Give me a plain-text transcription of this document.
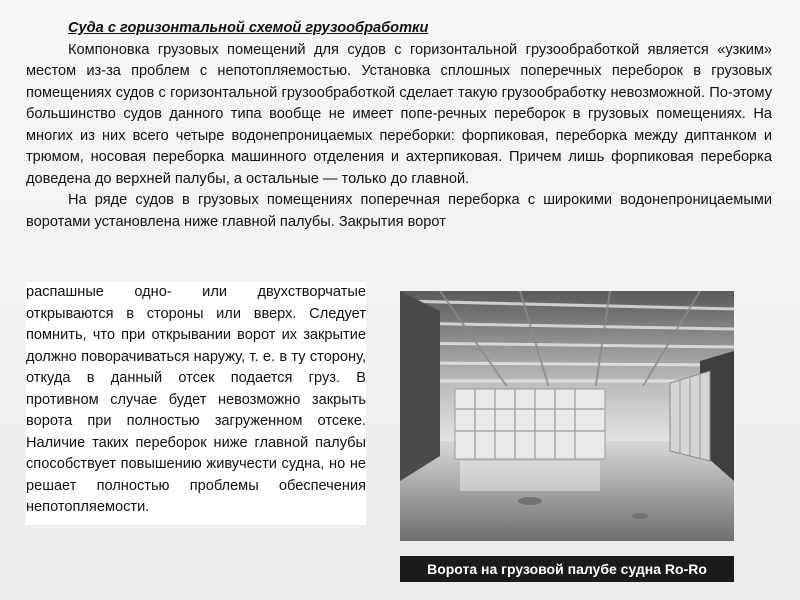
Суда с горизонтальной схемой грузообработки

Компоновка грузовых помещений для судов с горизонтальной грузообработкой является «узким» местом из-за проблем с непотопляемостью. Установка сплошных поперечных переборок в грузовых помещениях судов с горизонтальной грузообработкой сделает такую грузообработку невозможной. По-этому большинство судов данного типа вообще не имеет попе-речных переборок в грузовых помещениях. На многих из них всего четыре водонепроницаемых переборки: форпиковая, переборка между диптанком и трюмом, носовая переборка машинного отделения и ахтерпиковая. Причем лишь форпиковая переборка доведена до верхней палубы, а остальные — только до главной.

На ряде судов в грузовых помещениях поперечная переборка с широкими водонепроницаемыми воротами установлена ниже главной палубы. Закрытия ворот

распашные одно- или двухстворчатые открываются в стороны или вверх. Следует помнить, что при открывании ворот их закрытие должно поворачиваться наружу, т. е. в ту сторону, откуда в данный отсек подается груз. В противном случае будет невозможно закрыть ворота при полностью загруженном отсеке. Наличие таких переборок ниже главной палубы способствует повышению живучести судна, но не решает полностью проблемы обеспечения непотопляемости.

Ворота на грузовой палубе судна Ro-Ro
